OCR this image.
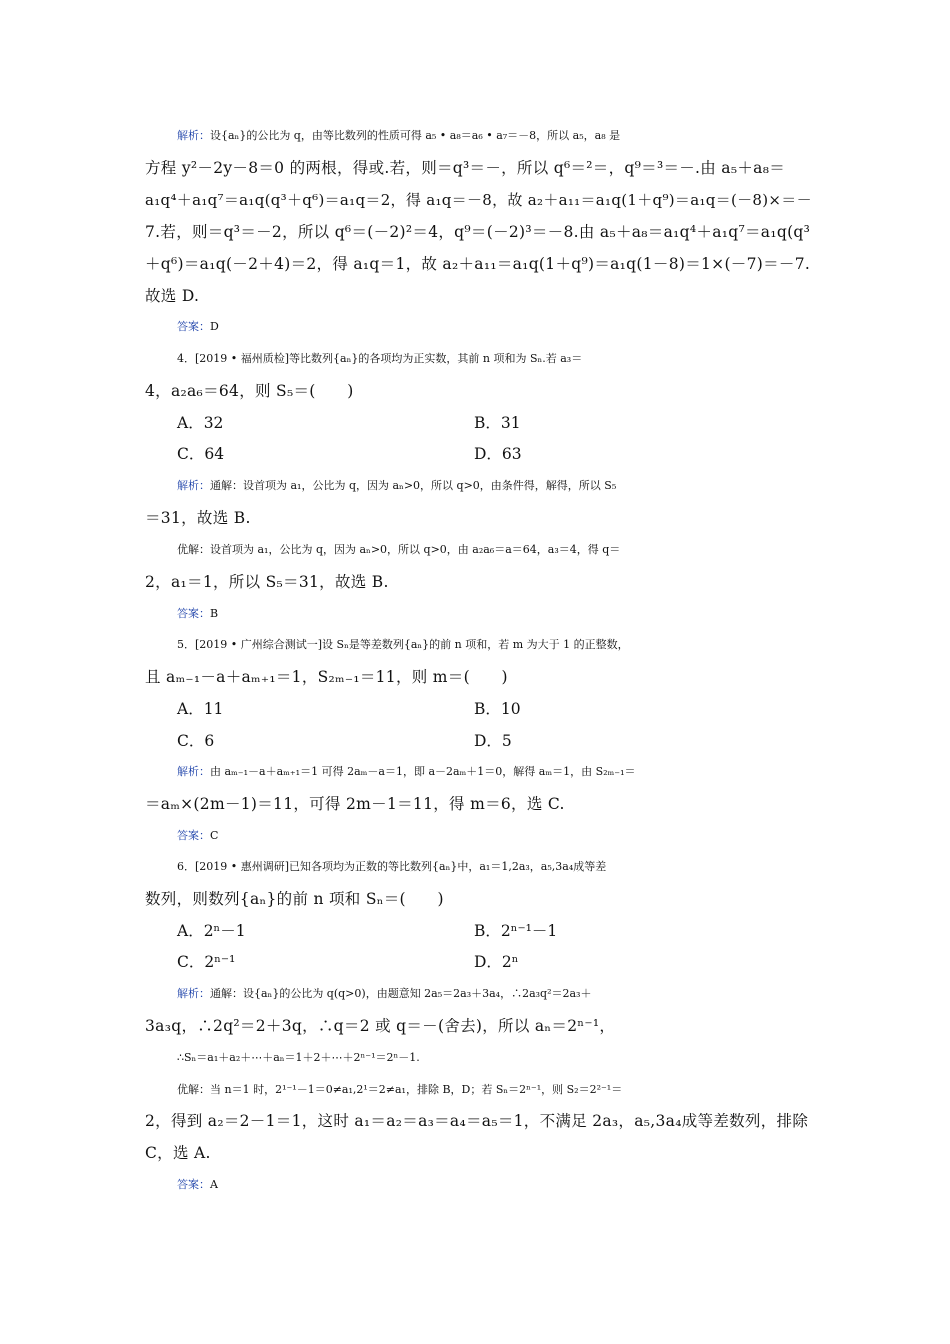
解析：设{aₙ}的公比为 q，由等比数列的性质可得 a₅ • a₈＝a₆ • a₇＝－8，所以 a₅，a₈ 是
方程 y²－2y－8＝0 的两根，得或.若，则＝q³＝－，所以 q⁶＝²＝，q⁹＝³＝－.由 a₅＋a₈＝
a₁q⁴＋a₁q⁷＝a₁q(q³＋q⁶)＝a₁q＝2，得 a₁q＝－8，故 a₂＋a₁₁＝a₁q(1＋q⁹)＝a₁q＝(－8)×＝－
7.若，则＝q³＝－2，所以 q⁶＝(－2)²＝4，q⁹＝(－2)³＝－8.由 a₅＋a₈＝a₁q⁴＋a₁q⁷＝a₁q(q³
＋q⁶)＝a₁q(－2＋4)＝2，得 a₁q＝1，故 a₂＋a₁₁＝a₁q(1＋q⁹)＝a₁q(1－8)＝1×(－7)＝－7.
故选 D.
答案：D
4．[2019 • 福州质检]等比数列{aₙ}的各项均为正实数，其前 n 项和为 Sₙ.若 a₃＝
4，a₂a₆＝64，则 S₅＝(　　)
A．32	B．31
C．64	D．63
解析：通解：设首项为 a₁，公比为 q，因为 aₙ>0，所以 q>0，由条件得，解得，所以 S₅
＝31，故选 B.
优解：设首项为 a₁，公比为 q，因为 aₙ>0，所以 q>0，由 a₂a₆＝a＝64，a₃＝4，得 q＝
2，a₁＝1，所以 S₅＝31，故选 B.
答案：B
5．[2019 • 广州综合测试一]设 Sₙ是等差数列{aₙ}的前 n 项和，若 m 为大于 1 的正整数，
且 aₘ₋₁－a＋aₘ₊₁＝1，S₂ₘ₋₁＝11，则 m＝(　　)
A．11	B．10
C．6	D．5
解析：由 aₘ₋₁－a＋aₘ₊₁＝1 可得 2aₘ－a＝1，即 a－2aₘ＋1＝0，解得 aₘ＝1，由 S₂ₘ₋₁＝
＝aₘ×(2m－1)＝11，可得 2m－1＝11，得 m＝6，选 C.
答案：C
6．[2019 • 惠州调研]已知各项均为正数的等比数列{aₙ}中，a₁＝1,2a₃，a₅,3a₄成等差
数列，则数列{aₙ}的前 n 项和 Sₙ＝(　　)
A．2ⁿ－1	B．2ⁿ⁻¹－1
C．2ⁿ⁻¹	D．2ⁿ
解析：通解：设{aₙ}的公比为 q(q>0)，由题意知 2a₅＝2a₃＋3a₄，∴2a₃q²＝2a₃＋
3a₃q，∴2q²＝2＋3q，∴q＝2 或 q＝－(舍去)，所以 aₙ＝2ⁿ⁻¹，
∴Sₙ＝a₁＋a₂＋⋯＋aₙ＝1＋2＋⋯＋2ⁿ⁻¹＝2ⁿ－1.
优解：当 n＝1 时，2¹⁻¹－1＝0≠a₁,2¹＝2≠a₁，排除 B，D；若 Sₙ＝2ⁿ⁻¹，则 S₂＝2²⁻¹＝
2，得到 a₂＝2－1＝1，这时 a₁＝a₂＝a₃＝a₄＝a₅＝1，不满足 2a₃，a₅,3a₄成等差数列，排除
C，选 A.
答案：A
